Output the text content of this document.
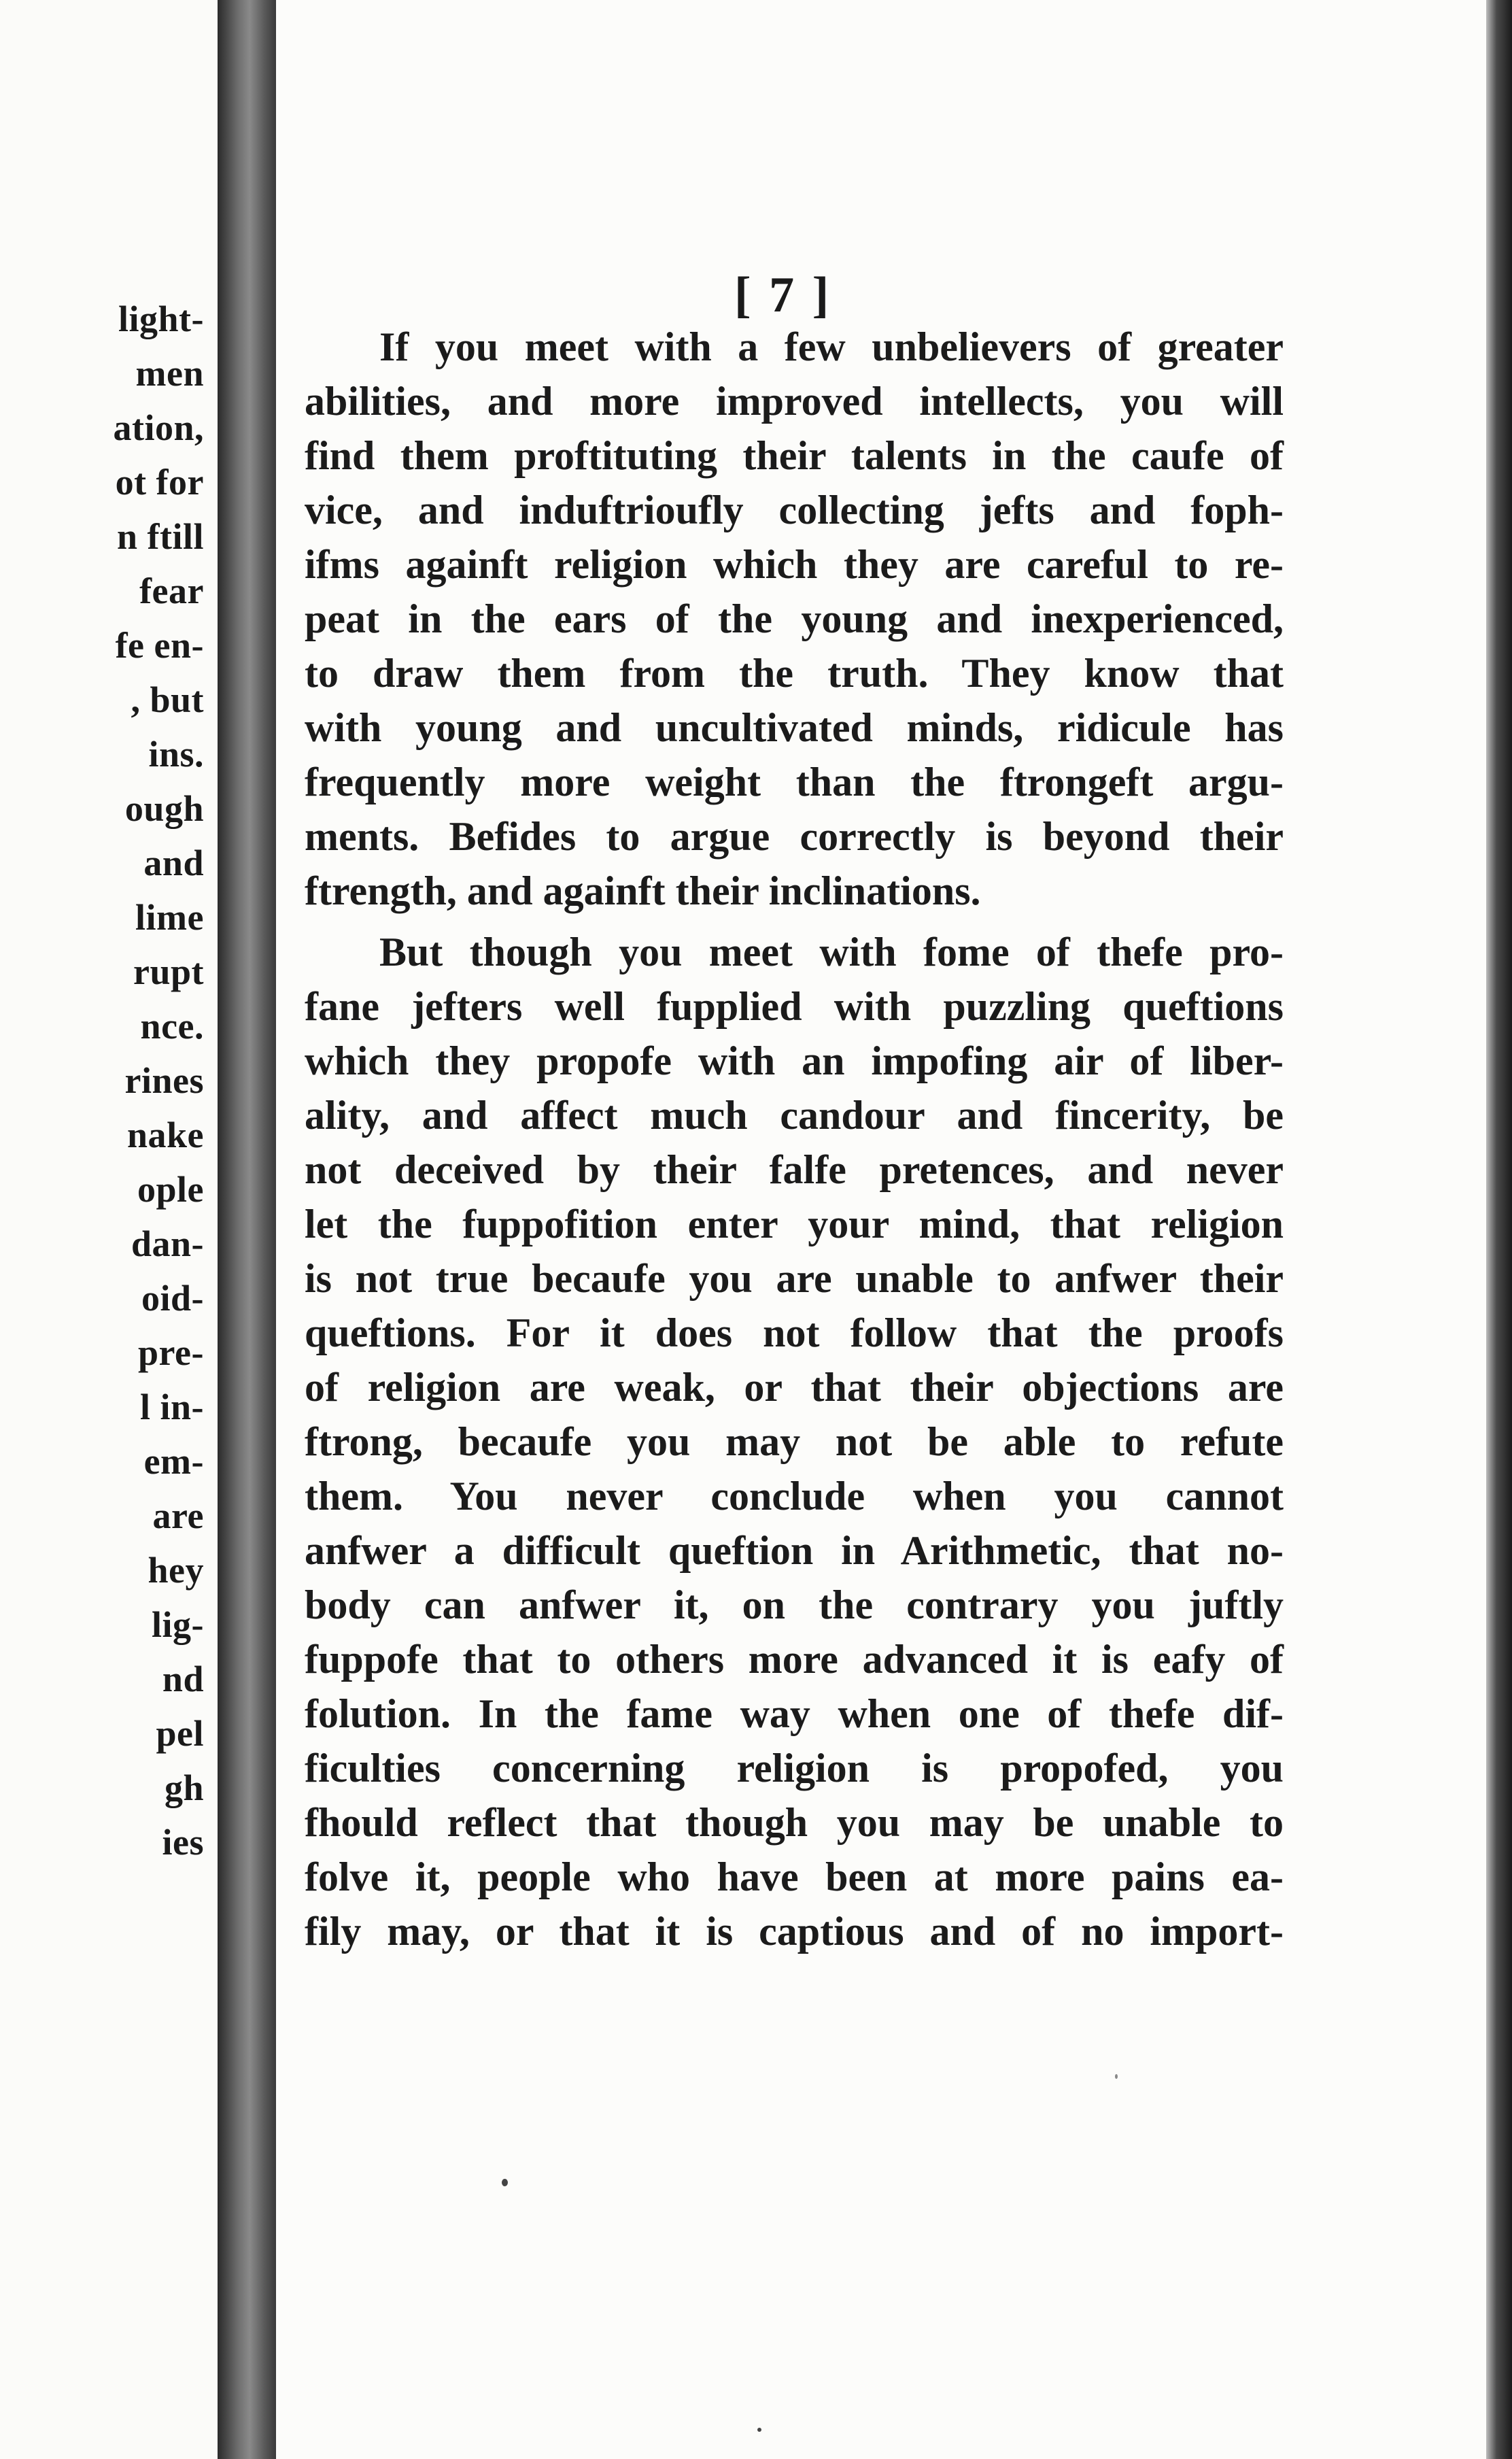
light-
men
ation,
ot for
n ftill
fear
fe en-
, but
ins.
ough
and
lime
rupt
nce.
rines
nake
ople
dan-
oid-
pre-
l in-
em-
are
hey
lig-
nd
pel
gh
ies
[ 7 ]
If you meet with a few unbelievers of greater
abilities, and more improved intellects, you will
find them proftituting their talents in the caufe of
vice, and induftrioufly collecting jefts and foph-
ifms againft religion which they are careful to re-
peat in the ears of the young and inexperienced,
to draw them from the truth. They know that
with young and uncultivated minds, ridicule has
frequently more weight than the ftrongeft argu-
ments. Befides to argue correctly is beyond their
ftrength, and againft their inclinations.
But though you meet with fome of thefe pro-
fane jefters well fupplied with puzzling queftions
which they propofe with an impofing air of liber-
ality, and affect much candour and fincerity, be
not deceived by their falfe pretences, and never
let the fuppofition enter your mind, that religion
is not true becaufe you are unable to anfwer their
queftions. For it does not follow that the proofs
of religion are weak, or that their objections are
ftrong, becaufe you may not be able to refute
them. You never conclude when you cannot
anfwer a difficult queftion in Arithmetic, that no-
body can anfwer it, on the contrary you juftly
fuppofe that to others more advanced it is eafy of
folution. In the fame way when one of thefe dif-
ficulties concerning religion is propofed, you
fhould reflect that though you may be unable to
folve it, people who have been at more pains ea-
fily may, or that it is captious and of no import-
